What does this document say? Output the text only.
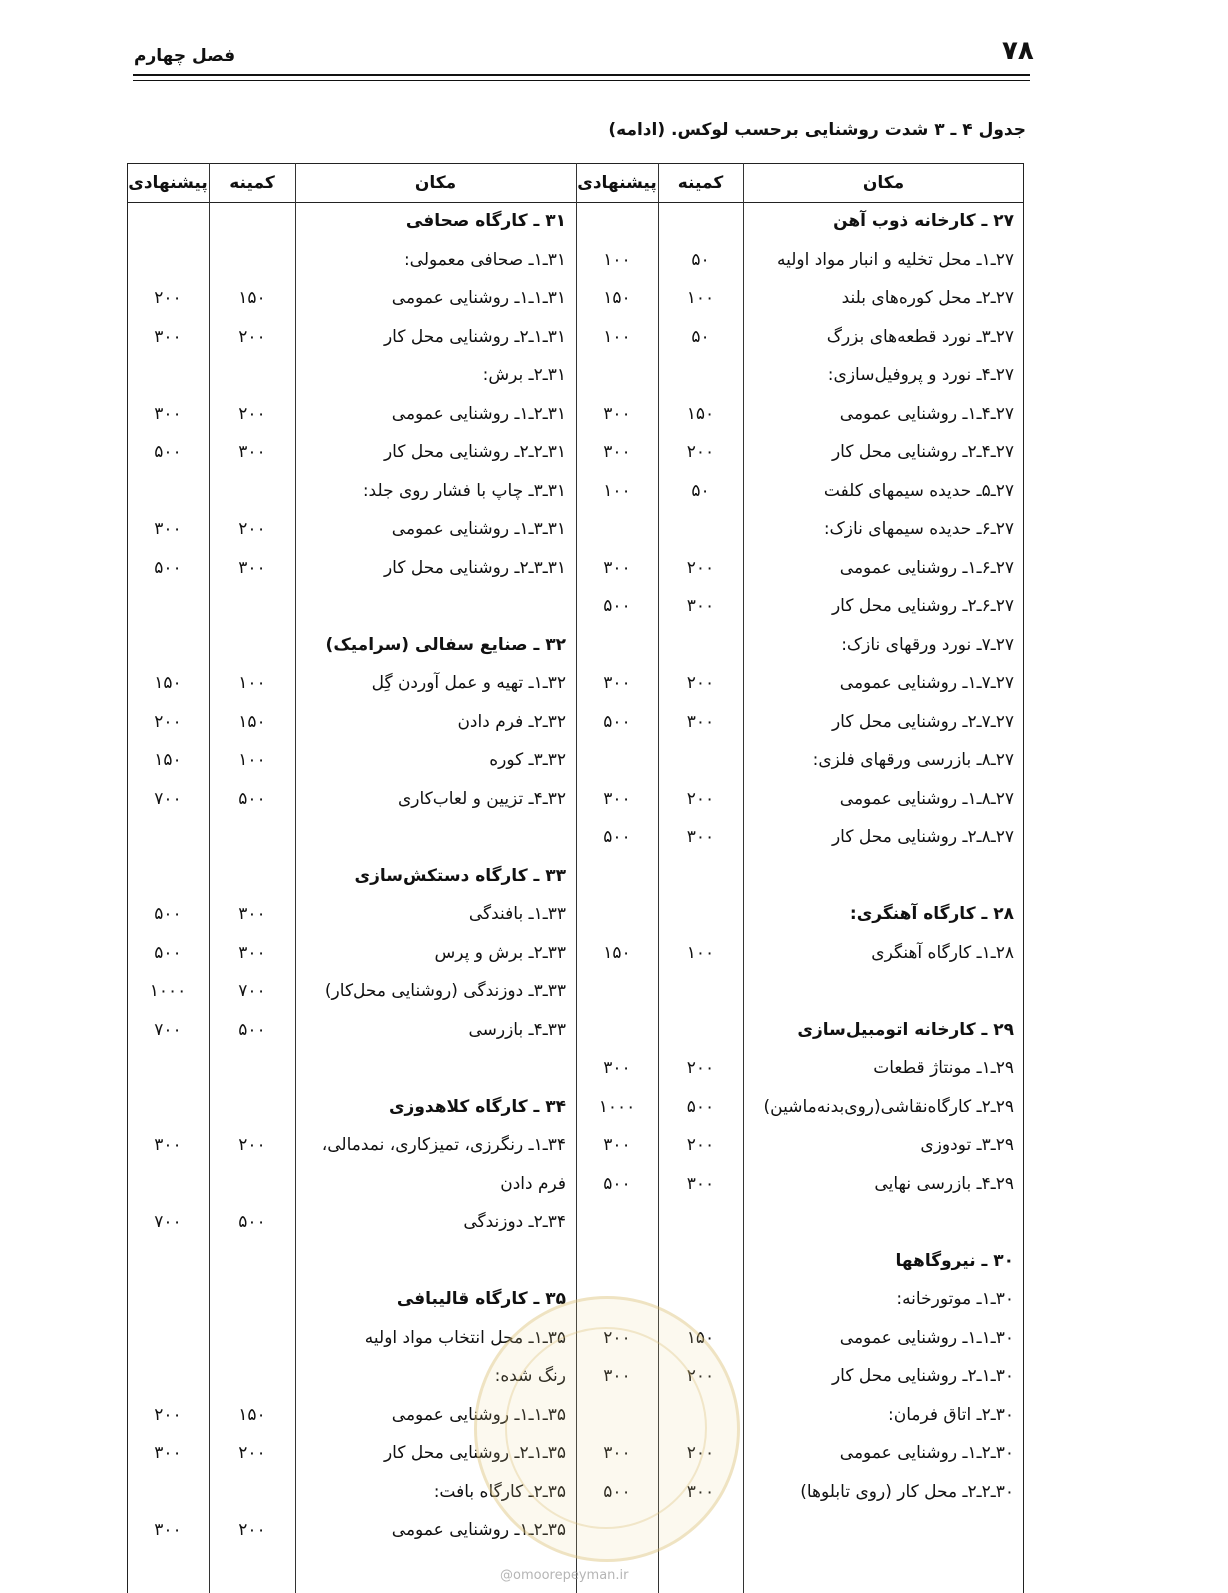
۷۸
فصل چهارم
جدول ۴ ـ ۳ شدت روشنایی برحسب لوکس. (ادامه)
مکان
کمینه
پیشنهادی
مکان
کمینه
پیشنهادی
۲۷ ـ کارخانه ذوب آهن
۲۷ـ۱ـ محل تخلیه و انبار مواد اولیه
۵۰
۱۰۰
۲۷ـ۲ـ محل کوره‌های بلند
۱۰۰
۱۵۰
۲۷ـ۳ـ نورد قطعه‌های بزرگ
۵۰
۱۰۰
۲۷ـ۴ـ نورد و پروفیل‌سازی:
۲۷ـ۴ـ۱ـ روشنایی عمومی
۱۵۰
۳۰۰
۲۷ـ۴ـ۲ـ روشنایی محل کار
۲۰۰
۳۰۰
۲۷ـ۵ـ حدیده سیمهای کلفت
۵۰
۱۰۰
۲۷ـ۶ـ حدیده سیمهای نازک:
۲۷ـ۶ـ۱ـ روشنایی عمومی
۲۰۰
۳۰۰
۲۷ـ۶ـ۲ـ روشنایی محل کار
۳۰۰
۵۰۰
۲۷ـ۷ـ نورد ورقهای نازک:
۲۷ـ۷ـ۱ـ روشنایی عمومی
۲۰۰
۳۰۰
۲۷ـ۷ـ۲ـ روشنایی محل کار
۳۰۰
۵۰۰
۲۷ـ۸ـ بازرسی ورقهای فلزی:
۲۷ـ۸ـ۱ـ روشنایی عمومی
۲۰۰
۳۰۰
۲۷ـ۸ـ۲ـ روشنایی محل کار
۳۰۰
۵۰۰
۲۸ ـ کارگاه آهنگری:
۲۸ـ۱ـ کارگاه آهنگری
۱۰۰
۱۵۰
۲۹ ـ کارخانه اتومبیل‌سازی
۲۹ـ۱ـ مونتاژ قطعات
۲۰۰
۳۰۰
۲۹ـ۲ـ کارگاه‌نقاشی(روی‌بدنه‌ماشین)
۵۰۰
۱۰۰۰
۲۹ـ۳ـ تودوزی
۲۰۰
۳۰۰
۲۹ـ۴ـ بازرسی نهایی
۳۰۰
۵۰۰
۳۰ ـ نیروگاهها
۳۰ـ۱ـ موتورخانه:
۳۰ـ۱ـ۱ـ روشنایی عمومی
۱۵۰
۲۰۰
۳۰ـ۱ـ۲ـ روشنایی محل کار
۲۰۰
۳۰۰
۳۰ـ۲ـ اتاق فرمان:
۳۰ـ۲ـ۱ـ روشنایی عمومی
۲۰۰
۳۰۰
۳۰ـ۲ـ۲ـ محل کار (روی تابلوها)
۳۰۰
۵۰۰
۳۱ ـ کارگاه صحافی
۳۱ـ۱ـ صحافی معمولی:
۳۱ـ۱ـ۱ـ روشنایی عمومی
۱۵۰
۲۰۰
۳۱ـ۱ـ۲ـ روشنایی محل کار
۲۰۰
۳۰۰
۳۱ـ۲ـ برش:
۳۱ـ۲ـ۱ـ روشنایی عمومی
۲۰۰
۳۰۰
۳۱ـ۲ـ۲ـ روشنایی محل کار
۳۰۰
۵۰۰
۳۱ـ۳ـ چاپ با فشار روی جلد:
۳۱ـ۳ـ۱ـ روشنایی عمومی
۲۰۰
۳۰۰
۳۱ـ۳ـ۲ـ روشنایی محل کار
۳۰۰
۵۰۰
۳۲ ـ صنایع سفالی (سرامیک)
۳۲ـ۱ـ تهیه و عمل آوردن گِل
۱۰۰
۱۵۰
۳۲ـ۲ـ فرم دادن
۱۵۰
۲۰۰
۳۲ـ۳ـ کوره
۱۰۰
۱۵۰
۳۲ـ۴ـ تزیین و لعاب‌کاری
۵۰۰
۷۰۰
۳۳ ـ کارگاه دستکش‌سازی
۳۳ـ۱ـ بافندگی
۳۰۰
۵۰۰
۳۳ـ۲ـ برش و پرس
۳۰۰
۵۰۰
۳۳ـ۳ـ دوزندگی (روشنایی محل‌کار)
۷۰۰
۱۰۰۰
۳۳ـ۴ـ بازرسی
۵۰۰
۷۰۰
۳۴ ـ کارگاه کلاهدوزی
۳۴ـ۱ـ رنگرزی، تمیزکاری، نمدمالی،
۲۰۰
۳۰۰
فرم دادن
۳۴ـ۲ـ دوزندگی
۵۰۰
۷۰۰
۳۵ ـ کارگاه قالیبافی
۳۵ـ۱ـ محل انتخاب مواد اولیه
رنگ شده:
۳۵ـ۱ـ۱ـ روشنایی عمومی
۱۵۰
۲۰۰
۳۵ـ۱ـ۲ـ روشنایی محل کار
۲۰۰
۳۰۰
۳۵ـ۲ـ کارگاه بافت:
۳۵ـ۲ـ۱ـ روشنایی عمومی
۲۰۰
۳۰۰
@omoorepeyman.ir
